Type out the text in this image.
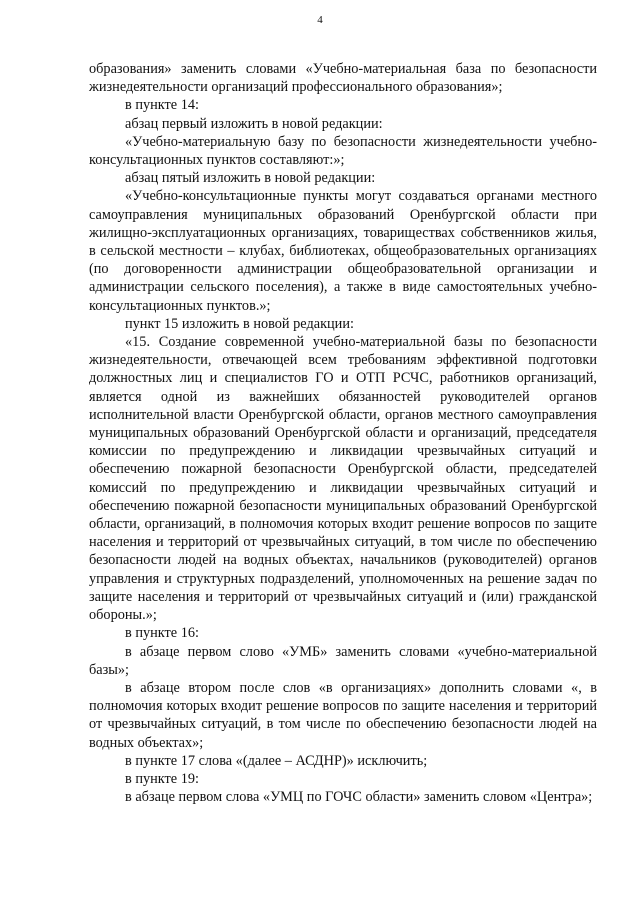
4

образования» заменить словами «Учебно-материальная база по безопасности жизнедеятельности организаций профессионального образования»;

в пункте 14:

абзац первый изложить в новой редакции:

«Учебно-материальную базу по безопасности жизнедеятельности учебно-консультационных пунктов составляют:»;

абзац пятый изложить в новой редакции:

«Учебно-консультационные пункты могут создаваться органами местного самоуправления муниципальных образований Оренбургской области при жилищно-эксплуатационных организациях, товариществах собственников жилья, в сельской местности – клубах, библиотеках, общеобразовательных организациях (по договоренности администрации общеобразовательной организации и администрации сельского поселения), а также в виде самостоятельных учебно-консультационных пунктов.»;

пункт 15 изложить в новой редакции:

«15. Создание современной учебно-материальной базы по безопасности жизнедеятельности, отвечающей всем требованиям эффективной подготовки должностных лиц и специалистов ГО и ОТП РСЧС, работников организаций, является одной из важнейших обязанностей руководителей органов исполнительной власти Оренбургской области, органов местного самоуправления муниципальных образований Оренбургской области и организаций, председателя комиссии по предупреждению и ликвидации чрезвычайных ситуаций и обеспечению пожарной безопасности Оренбургской области, председателей комиссий по предупреждению и ликвидации чрезвычайных ситуаций и обеспечению пожарной безопасности муниципальных образований Оренбургской области, организаций, в полномочия которых входит решение вопросов по защите населения и территорий от чрезвычайных ситуаций, в том числе по обеспечению безопасности людей на водных объектах, начальников (руководителей) органов управления и структурных подразделений, уполномоченных на решение задач по защите населения и территорий от чрезвычайных ситуаций и (или) гражданской обороны.»;

в пункте 16:

в абзаце первом слово «УМБ» заменить словами «учебно-материальной базы»;

в абзаце втором после слов «в организациях» дополнить словами «, в полномочия которых входит решение вопросов по защите населения и территорий от чрезвычайных ситуаций, в том числе по обеспечению безопасности людей на водных объектах»;

в пункте 17 слова «(далее – АСДНР)» исключить;

в пункте 19:

в абзаце первом слова «УМЦ по ГОЧС области» заменить словом «Центра»;
